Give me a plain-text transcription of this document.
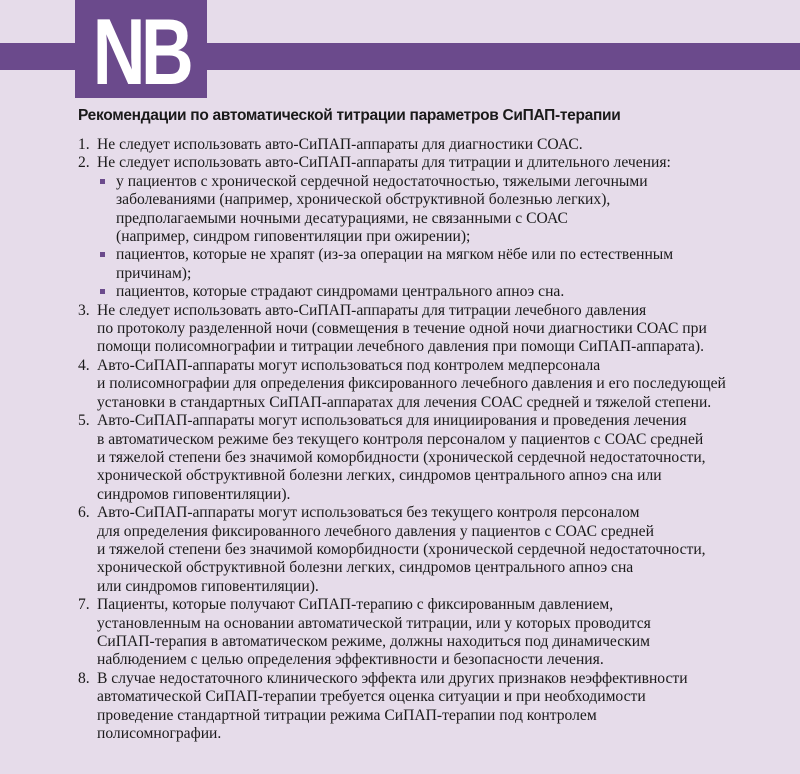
NB
Рекомендации по автоматической титрации параметров СиПАП-терапии
1. Не следует использовать авто-СиПАП-аппараты для диагностики СОАС.
2. Не следует использовать авто-СиПАП-аппараты для титрации и длительного лечения:
у пациентов с хронической сердечной недостаточностью, тяжелыми легочными
заболеваниями (например, хронической обструктивной болезнью легких),
предполагаемыми ночными десатурациями, не связанными с СОАС
(например, синдром гиповентиляции при ожирении);
пациентов, которые не храпят (из-за операции на мягком нёбе или по естественным
причинам);
пациентов, которые страдают синдромами центрального апноэ сна.
3. Не следует использовать авто-СиПАП-аппараты для титрации лечебного давления
по протоколу разделенной ночи (совмещения в течение одной ночи диагностики СОАС при
помощи полисомнографии и титрации лечебного давления при помощи СиПАП-аппарата).
4. Авто-СиПАП-аппараты могут использоваться под контролем медперсонала
и полисомнографии для определения фиксированного лечебного давления и его последующей
установки в стандартных СиПАП-аппаратах для лечения СОАС средней и тяжелой степени.
5. Авто-СиПАП-аппараты могут использоваться для инициирования и проведения лечения
в автоматическом режиме без текущего контроля персоналом у пациентов с СОАС средней
и тяжелой степени без значимой коморбидности (хронической сердечной недостаточности,
хронической обструктивной болезни легких, синдромов центрального апноэ сна или
синдромов гиповентиляции).
6. Авто-СиПАП-аппараты могут использоваться без текущего контроля персоналом
для определения фиксированного лечебного давления у пациентов с СОАС средней
и тяжелой степени без значимой коморбидности (хронической сердечной недостаточности,
хронической обструктивной болезни легких, синдромов центрального апноэ сна
или синдромов гиповентиляции).
7. Пациенты, которые получают СиПАП-терапию с фиксированным давлением,
установленным на основании автоматической титрации, или у которых проводится
СиПАП-терапия в автоматическом режиме, должны находиться под динамическим
наблюдением с целью определения эффективности и безопасности лечения.
8. В случае недостаточного клинического эффекта или других признаков неэффективности
автоматической СиПАП-терапии требуется оценка ситуации и при необходимости
проведение стандартной титрации режима СиПАП-терапии под контролем
полисомнографии.
